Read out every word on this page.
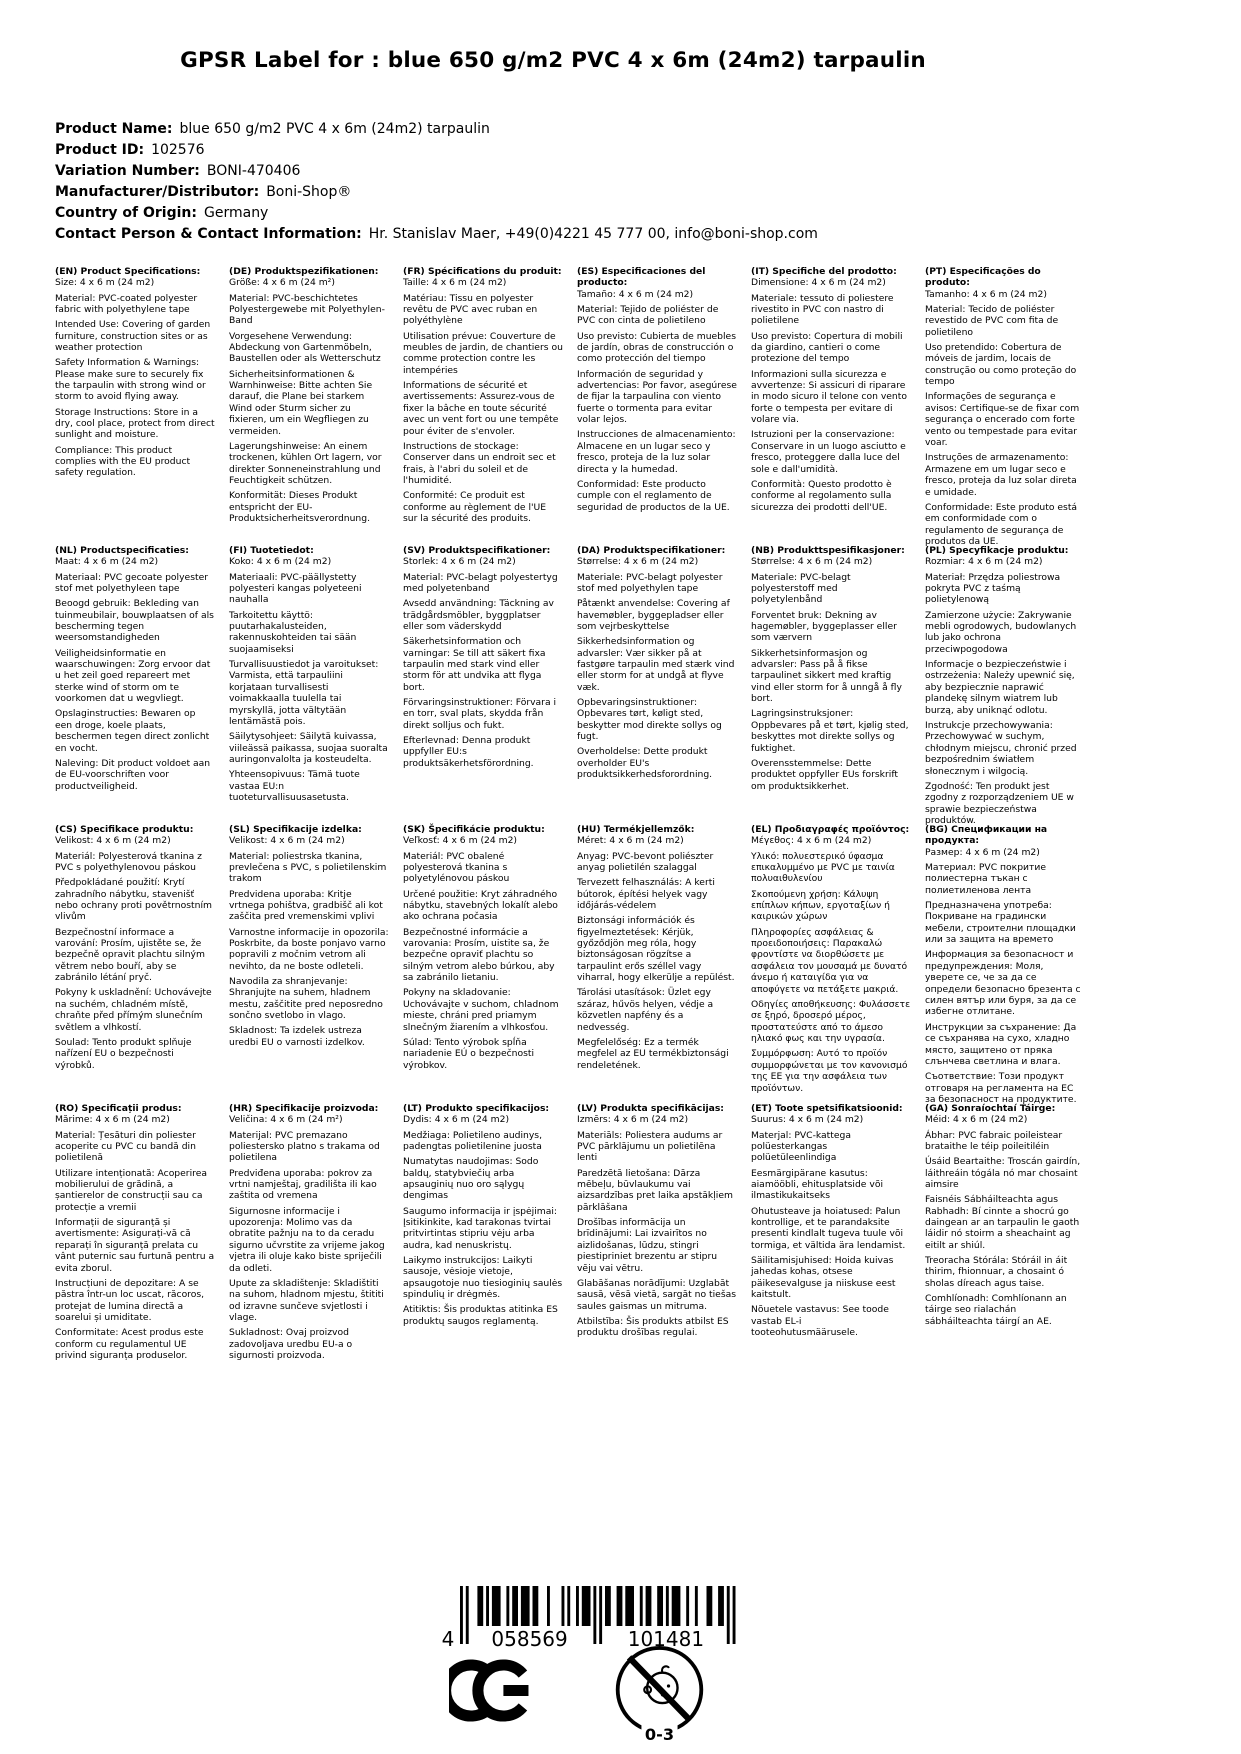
GPSR Label for : blue 650 g/m2 PVC 4 x 6m (24m2) tarpaulin
Product Name: blue 650 g/m2 PVC 4 x 6m (24m2) tarpaulin
Product ID: 102576
Variation Number: BONI-470406
Manufacturer/Distributor: Boni-Shop®
Country of Origin: Germany
Contact Person & Contact Information: Hr. Stanislav Maer, +49(0)4221 45 777 00, info@boni-shop.com
(EN) Product Specifications:

Size: 4 x 6 m (24 m2)

Material: PVC-coated polyester fabric with polyethylene tape

Intended Use: Covering of garden furniture, construction sites or as weather protection

Safety Information & Warnings: Please make sure to securely fix the tarpaulin with strong wind or storm to avoid flying away.

Storage Instructions: Store in a dry, cool place, protect from direct sunlight and moisture.

Compliance: This product complies with the EU product safety regulation.

(DE) Produktspezifikationen:

Größe: 4 x 6 m (24 m²)

Material: PVC-beschichtetes Polyestergewebe mit Polyethylen-Band

Vorgesehene Verwendung: Abdeckung von Gartenmöbeln, Baustellen oder als Wetterschutz

Sicherheitsinformationen & Warnhinweise: Bitte achten Sie darauf, die Plane bei starkem Wind oder Sturm sicher zu fixieren, um ein Wegfliegen zu vermeiden.

Lagerungshinweise: An einem trockenen, kühlen Ort lagern, vor direkter Sonneneinstrahlung und Feuchtigkeit schützen.

Konformität: Dieses Produkt entspricht der EU-Produktsicherheitsverordnung.

(FR) Spécifications du produit:

Taille: 4 x 6 m (24 m2)

Matériau: Tissu en polyester revêtu de PVC avec ruban en polyéthylène

Utilisation prévue: Couverture de meubles de jardin, de chantiers ou comme protection contre les intempéries

Informations de sécurité et avertissements: Assurez-vous de fixer la bâche en toute sécurité avec un vent fort ou une tempête pour éviter de s'envoler.

Instructions de stockage: Conserver dans un endroit sec et frais, à l'abri du soleil et de l'humidité.

Conformité: Ce produit est conforme au règlement de l'UE sur la sécurité des produits.

(ES) Especificaciones del producto:

Tamaño: 4 x 6 m (24 m2)

Material: Tejido de poliéster de PVC con cinta de polietileno

Uso previsto: Cubierta de muebles de jardín, obras de construcción o como protección del tiempo

Información de seguridad y advertencias: Por favor, asegúrese de fijar la tarpaulina con viento fuerte o tormenta para evitar volar lejos.

Instrucciones de almacenamiento: Almacene en un lugar seco y fresco, proteja de la luz solar directa y la humedad.

Conformidad: Este producto cumple con el reglamento de seguridad de productos de la UE.

(IT) Specifiche del prodotto:

Dimensione: 4 x 6 m (24 m2)

Materiale: tessuto di poliestere rivestito in PVC con nastro di polietilene

Uso previsto: Copertura di mobili da giardino, cantieri o come protezione del tempo

Informazioni sulla sicurezza e avvertenze: Si assicuri di riparare in modo sicuro il telone con vento forte o tempesta per evitare di volare via.

Istruzioni per la conservazione: Conservare in un luogo asciutto e fresco, proteggere dalla luce del sole e dall'umidità.

Conformità: Questo prodotto è conforme al regolamento sulla sicurezza dei prodotti dell'UE.

(PT) Especificações do produto:

Tamanho: 4 x 6 m (24 m2)

Material: Tecido de poliéster revestido de PVC com fita de polietileno

Uso pretendido: Cobertura de móveis de jardim, locais de construção ou como proteção do tempo

Informações de segurança e avisos: Certifique-se de fixar com segurança o encerado com forte vento ou tempestade para evitar voar.

Instruções de armazenamento: Armazene em um lugar seco e fresco, proteja da luz solar direta e umidade.

Conformidade: Este produto está em conformidade com o regulamento de segurança de produtos da UE.

(NL) Productspecificaties:

Maat: 4 x 6 m (24 m2)

Materiaal: PVC gecoate polyester stof met polyethyleen tape

Beoogd gebruik: Bekleding van tuinmeubilair, bouwplaatsen of als bescherming tegen weersomstandigheden

Veiligheidsinformatie en waarschuwingen: Zorg ervoor dat u het zeil goed repareert met sterke wind of storm om te voorkomen dat u wegvliegt.

Opslaginstructies: Bewaren op een droge, koele plaats, beschermen tegen direct zonlicht en vocht.

Naleving: Dit product voldoet aan de EU-voorschriften voor productveiligheid.

(FI) Tuotetiedot:

Koko: 4 x 6 m (24 m2)

Materiaali: PVC-päällystetty polyesteri kangas polyeteeni nauhalla

Tarkoitettu käyttö: puutarhakalusteiden, rakennuskohteiden tai sään suojaamiseksi

Turvallisuustiedot ja varoitukset: Varmista, että tarpauliini korjataan turvallisesti voimakkaalla tuulella tai myrskyllä, jotta vältytään lentämästä pois.

Säilytysohjeet: Säilytä kuivassa, viileässä paikassa, suojaa suoralta auringonvalolta ja kosteudelta.

Yhteensopivuus: Tämä tuote vastaa EU:n tuoteturvallisuusasetusta.

(SV) Produktspecifikationer:

Storlek: 4 x 6 m (24 m2)

Material: PVC-belagt polyestertyg med polyetenband

Avsedd användning: Täckning av trädgårdsmöbler, byggplatser eller som väderskydd

Säkerhetsinformation och varningar: Se till att säkert fixa tarpaulin med stark vind eller storm för att undvika att flyga bort.

Förvaringsinstruktioner: Förvara i en torr, sval plats, skydda från direkt solljus och fukt.

Efterlevnad: Denna produkt uppfyller EU:s produktsäkerhetsförordning.

(DA) Produktspecifikationer:

Størrelse: 4 x 6 m (24 m2)

Materiale: PVC-belagt polyester stof med polyethylen tape

Påtænkt anvendelse: Covering af havemøbler, byggepladser eller som vejrbeskyttelse

Sikkerhedsinformation og advarsler: Vær sikker på at fastgøre tarpaulin med stærk vind eller storm for at undgå at flyve væk.

Opbevaringsinstruktioner: Opbevares tørt, køligt sted, beskytter mod direkte sollys og fugt.

Overholdelse: Dette produkt overholder EU's produktsikkerhedsforordning.

(NB) Produkttspesifikasjoner:

Størrelse: 4 x 6 m (24 m2)

Materiale: PVC-belagt polyesterstoff med polyetylenbånd

Forventet bruk: Dekning av hagemøbler, byggeplasser eller som værvern

Sikkerhetsinformasjon og advarsler: Pass på å fikse tarpaulinet sikkert med kraftig vind eller storm for å unngå å fly bort.

Lagringsinstruksjoner: Oppbevares på et tørt, kjølig sted, beskyttes mot direkte sollys og fuktighet.

Overensstemmelse: Dette produktet oppfyller EUs forskrift om produktsikkerhet.

(PL) Specyfikacje produktu:

Rozmiar: 4 x 6 m (24 m2)

Materiał: Przędza poliestrowa pokryta PVC z taśmą polietylenową

Zamierzone użycie: Zakrywanie mebli ogrodowych, budowlanych lub jako ochrona przeciwpogodowa

Informacje o bezpieczeństwie i ostrzeżenia: Należy upewnić się, aby bezpiecznie naprawić plandekę silnym wiatrem lub burzą, aby uniknąć odlotu.

Instrukcje przechowywania: Przechowywać w suchym, chłodnym miejscu, chronić przed bezpośrednim światłem słonecznym i wilgocią.

Zgodność: Ten produkt jest zgodny z rozporządzeniem UE w sprawie bezpieczeństwa produktów.

(CS) Specifikace produktu:

Velikost: 4 x 6 m (24 m2)

Materiál: Polyesterová tkanina z PVC s polyethylenovou páskou

Předpokládané použití: Krytí zahradního nábytku, stavenišť nebo ochrany proti povětrnostním vlivům

Bezpečnostní informace a varování: Prosím, ujistěte se, že bezpečně opravit plachtu silným větrem nebo bouří, aby se zabránilo létání pryč.

Pokyny k uskladnění: Uchovávejte na suchém, chladném místě, chraňte před přímým slunečním světlem a vlhkostí.

Soulad: Tento produkt splňuje nařízení EU o bezpečnosti výrobků.

(SL) Specifikacije izdelka:

Velikost: 4 x 6 m (24 m2)

Material: poliestrska tkanina, prevlečena s PVC, s polietilenskim trakom

Predvidena uporaba: Kritje vrtnega pohištva, gradbišč ali kot zaščita pred vremenskimi vplivi

Varnostne informacije in opozorila: Poskrbite, da boste ponjavo varno popravili z močnim vetrom ali nevihto, da ne boste odleteli.

Navodila za shranjevanje: Shranjujte na suhem, hladnem mestu, zaščitite pred neposredno sončno svetlobo in vlago.

Skladnost: Ta izdelek ustreza uredbi EU o varnosti izdelkov.

(SK) Špecifikácie produktu:

Veľkosť: 4 x 6 m (24 m2)

Materiál: PVC obalené polyesterová tkanina s polyetylénovou páskou

Určené použitie: Kryt záhradného nábytku, stavebných lokalít alebo ako ochrana počasia

Bezpečnostné informácie a varovania: Prosím, uistite sa, že bezpečne opraviť plachtu so silným vetrom alebo búrkou, aby sa zabránilo lietaniu.

Pokyny na skladovanie: Uchovávajte v suchom, chladnom mieste, chráni pred priamym slnečným žiarením a vlhkosťou.

Súlad: Tento výrobok spĺňa nariadenie EÚ o bezpečnosti výrobkov.

(HU) Termékjellemzők:

Méret: 4 x 6 m (24 m2)

Anyag: PVC-bevont poliészter anyag polietilén szalaggal

Tervezett felhasználás: A kerti bútorok, építési helyek vagy időjárás-védelem

Biztonsági információk és figyelmeztetések: Kérjük, győződjön meg róla, hogy biztonságosan rögzítse a tarpaulint erős széllel vagy viharral, hogy elkerülje a repülést.

Tárolási utasítások: Üzlet egy száraz, hűvös helyen, védje a közvetlen napfény és a nedvesség.

Megfelelőség: Ez a termék megfelel az EU termékbiztonsági rendeletének.

(EL) Προδιαγραφές προϊόντος:

Μέγεθος: 4 x 6 m (24 m2)

Υλικό: πολυεστερικό ύφασμα επικαλυμμένο με PVC με ταινία πολυαιθυλενίου

Σκοπούμενη χρήση: Κάλυψη επίπλων κήπων, εργοταξίων ή καιρικών χώρων

Πληροφορίες ασφάλειας & προειδοποιήσεις: Παρακαλώ φροντίστε να διορθώσετε με ασφάλεια τον μουσαμά με δυνατό άνεμο ή καταιγίδα για να αποφύγετε να πετάξετε μακριά.

Οδηγίες αποθήκευσης: Φυλάσσετε σε ξηρό, δροσερό μέρος, προστατεύστε από το άμεσο ηλιακό φως και την υγρασία.

Συμμόρφωση: Αυτό το προϊόν συμμορφώνεται με τον κανονισμό της ΕΕ για την ασφάλεια των προϊόντων.

(BG) Спецификации на продукта:

Размер: 4 x 6 m (24 m2)

Материал: PVC покритие полиестерна тъкан с полиетиленова лента

Предназначена употреба: Покриване на градински мебели, строителни площадки или за защита на времето

Информация за безопасност и предупреждения: Моля, уверете се, че за да се определи безопасно брезента с силен вятър или буря, за да се избегне отлитане.

Инструкции за съхранение: Да се съхранява на сухо, хладно място, защитено от пряка слънчева светлина и влага.

Съответствие: Този продукт отговаря на регламента на ЕС за безопасност на продуктите.

(RO) Specificații produs:

Mărime: 4 x 6 m (24 m2)

Material: Țesături din poliester acoperite cu PVC cu bandă din polietilenă

Utilizare intenționată: Acoperirea mobilierului de grădină, a șantierelor de construcții sau ca protecție a vremii

Informații de siguranță și avertismente: Asigurați-vă că reparați în siguranță prelata cu vânt puternic sau furtună pentru a evita zborul.

Instrucțiuni de depozitare: A se păstra într-un loc uscat, răcoros, protejat de lumina directă a soarelui și umiditate.

Conformitate: Acest produs este conform cu regulamentul UE privind siguranța produselor.

(HR) Specifikacije proizvoda:

Veličina: 4 x 6 m (24 m²)

Materijal: PVC premazano poliestersko platno s trakama od polietilena

Predviđena uporaba: pokrov za vrtni namještaj, gradilišta ili kao zaštita od vremena

Sigurnosne informacije i upozorenja: Molimo vas da obratite pažnju na to da ceradu sigurno učvrstite za vrijeme jakog vjetra ili oluje kako biste spriječili da odleti.

Upute za skladištenje: Skladištiti na suhom, hladnom mjestu, štititi od izravne sunčeve svjetlosti i vlage.

Sukladnost: Ovaj proizvod zadovoljava uredbu EU-a o sigurnosti proizvoda.

(LT) Produkto specifikacijos:

Dydis: 4 x 6 m (24 m2)

Medžiaga: Polietileno audinys, padengtas polietilenine juosta

Numatytas naudojimas: Sodo baldų, statybviečių arba apsauginių nuo oro sąlygų dengimas

Saugumo informacija ir įspėjimai: Įsitikinkite, kad tarakonas tvirtai pritvirtintas stipriu vėju arba audra, kad nenuskristų.

Laikymo instrukcijos: Laikyti sausoje, vėsioje vietoje, apsaugotoje nuo tiesioginių saulės spindulių ir drėgmės.

Atitiktis: Šis produktas atitinka ES produktų saugos reglamentą.

(LV) Produkta specifikācijas:

Izmērs: 4 x 6 m (24 m2)

Materiāls: Poliestera audums ar PVC pārklājumu un polietilēna lenti

Paredzētā lietošana: Dārza mēbeļu, būvlaukumu vai aizsardzības pret laika apstākļiem pārklāšana

Drošības informācija un brīdinājumi: Lai izvairītos no aizlidošanas, lūdzu, stingri piestipriniet brezentu ar stipru vēju vai vētru.

Glabāšanas norādījumi: Uzglabāt sausā, vēsā vietā, sargāt no tiešas saules gaismas un mitruma.

Atbilstība: Šis produkts atbilst ES produktu drošības regulai.

(ET) Toote spetsifikatsioonid:

Suurus: 4 x 6 m (24 m2)

Materjal: PVC-kattega polüesterkangas polüetüleenlindiga

Eesmärgipärane kasutus: aiamööbli, ehitusplatside või ilmastikukaitseks

Ohutusteave ja hoiatused: Palun kontrollige, et te parandaksite presenti kindlalt tugeva tuule või tormiga, et vältida ära lendamist.

Säilitamisjuhised: Hoida kuivas jahedas kohas, otsese päikesevalguse ja niiskuse eest kaitstult.

Nõuetele vastavus: See toode vastab EL-i tooteohutusmäärusele.

(GA) Sonraíochtaí Táirge:

Méid: 4 x 6 m (24 m2)

Ábhar: PVC fabraic poileistear brataithe le téip poileitiléin

Úsáid Beartaithe: Troscán gairdín, láithreáin tógála nó mar chosaint aimsire

Faisnéis Sábháilteachta agus Rabhadh: Bí cinnte a shocrú go daingean ar an tarpaulin le gaoth láidir nó stoirm a sheachaint ag eitilt ar shiúl.

Treoracha Stórála: Stóráil in áit thirim, fhionnuar, a chosaint ó sholas díreach agus taise.

Comhlíonadh: Comhlíonann an táirge seo rialachán sábháilteachta táirgí an AE.

4 058569	101481
0-3
